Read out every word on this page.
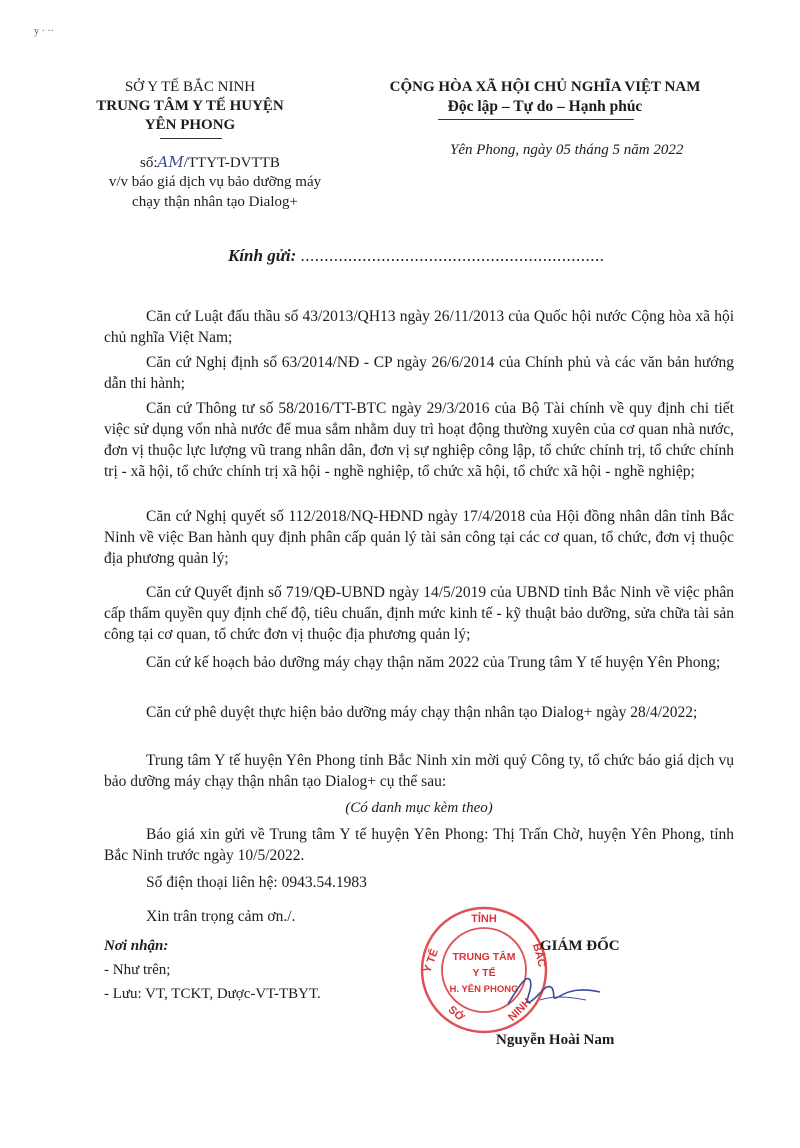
y · ··
SỞ Y TẾ BẮC NINH
TRUNG TÂM Y TẾ HUYỆN
YÊN PHONG
số:AM/TTYT-DVTTB
v/v báo giá dịch vụ bảo dưỡng máy
chạy thận nhân tạo Dialog+
CỘNG HÒA XÃ HỘI CHỦ NGHĨA VIỆT NAM
Độc lập – Tự do – Hạnh phúc
Yên Phong, ngày 05 tháng 5 năm 2022
Kính gửi: ................................................................
Căn cứ Luật đấu thầu số 43/2013/QH13 ngày 26/11/2013 của Quốc hội nước Cộng hòa xã hội chủ nghĩa Việt Nam;
Căn cứ Nghị định số 63/2014/NĐ - CP ngày 26/6/2014 của Chính phủ và các văn bản hướng dẫn thi hành;
Căn cứ Thông tư số 58/2016/TT-BTC ngày 29/3/2016 của Bộ Tài chính về quy định chi tiết việc sử dụng vốn nhà nước để mua sắm nhằm duy trì hoạt động thường xuyên của cơ quan nhà nước, đơn vị thuộc lực lượng vũ trang nhân dân, đơn vị sự nghiệp công lập, tổ chức chính trị, tổ chức chính trị - xã hội, tổ chức chính trị xã hội - nghề nghiệp, tổ chức xã hội, tổ chức xã hội - nghề nghiệp;
Căn cứ Nghị quyết số 112/2018/NQ-HĐND ngày 17/4/2018 của Hội đồng nhân dân tỉnh Bắc Ninh về việc Ban hành quy định phân cấp quản lý tài sản công tại các cơ quan, tổ chức, đơn vị thuộc địa phương quản lý;
Căn cứ Quyết định số 719/QĐ-UBND ngày 14/5/2019 của UBND tỉnh Bắc Ninh về việc phân cấp thẩm quyền quy định chế độ, tiêu chuẩn, định mức kinh tế - kỹ thuật bảo dưỡng, sửa chữa tài sản công tại cơ quan, tổ chức đơn vị thuộc địa phương quản lý;
Căn cứ kế hoạch bảo dưỡng máy chạy thận năm 2022 của Trung tâm Y tế huyện Yên Phong;
Căn cứ phê duyệt thực hiện bảo dưỡng máy chạy thận nhân tạo Dialog+ ngày 28/4/2022;
Trung tâm Y tế huyện Yên Phong tỉnh Bắc Ninh xin mời quý Công ty, tổ chức báo giá dịch vụ bảo dưỡng máy chạy thận nhân tạo Dialog+ cụ thể sau:
(Có danh mục kèm theo)
Báo giá xin gửi về Trung tâm Y tế huyện Yên Phong: Thị Trấn Chờ, huyện Yên Phong, tỉnh Bắc Ninh trước ngày 10/5/2022.
Số điện thoại liên hệ: 0943.54.1983
Xin trân trọng cảm ơn./.
Nơi nhận:
- Như trên;
- Lưu: VT, TCKT, Dược-VT-TBYT.
TỈNH
Y TẾ	BẮC
SỞ	NINH
TRUNG TÂM
Y TẾ
H. YÊN PHONG
GIÁM ĐỐC
Nguyễn Hoài Nam
